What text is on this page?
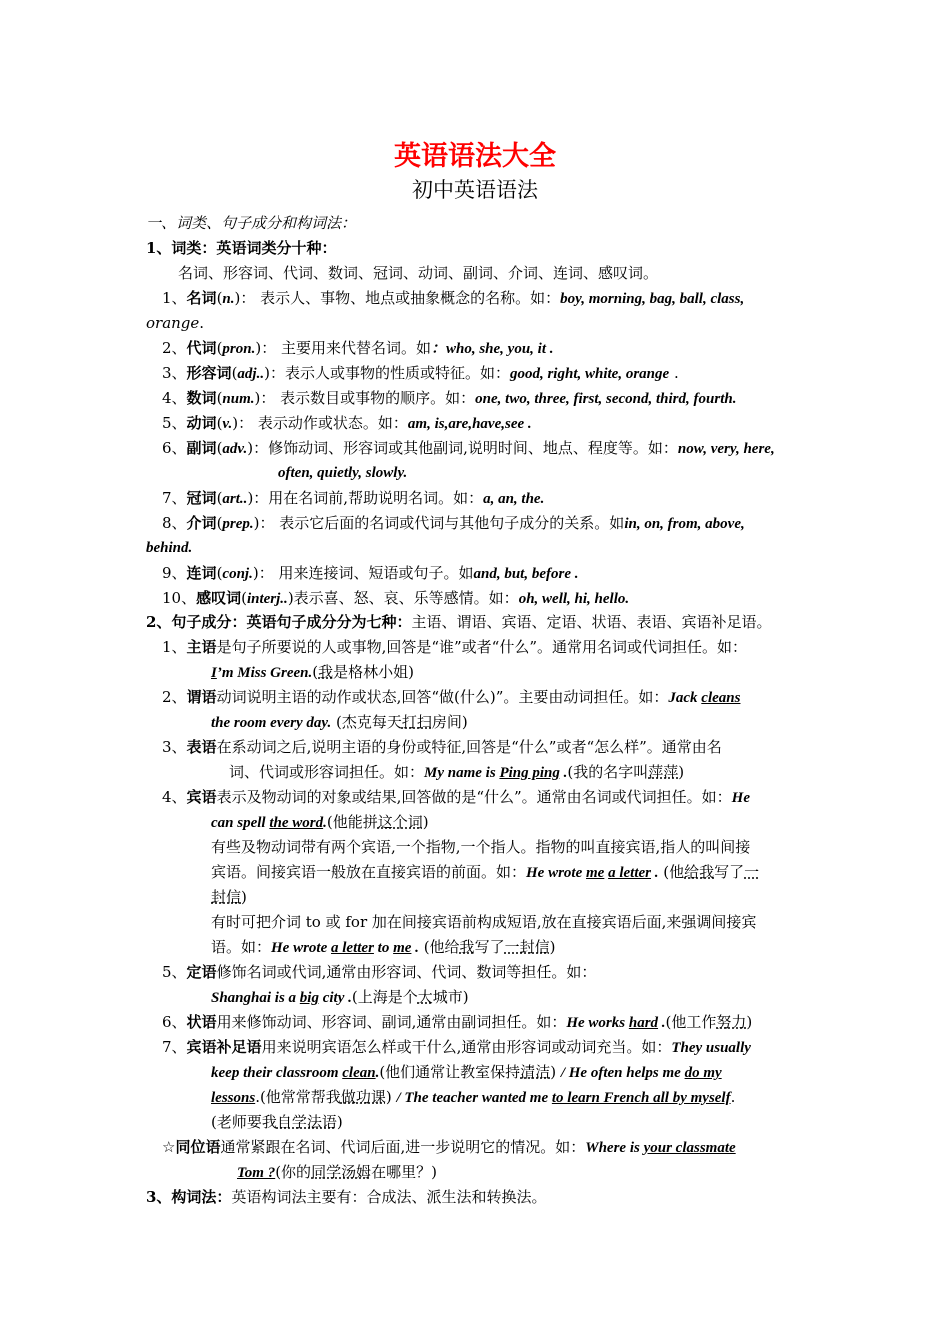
英语语法大全
初中英语语法
一、词类、句子成分和构词法：
1、词类：英语词类分十种：
名词、形容词、代词、数词、冠词、动词、副词、介词、连词、感叹词。
1、名词(n.)： 表示人、事物、地点或抽象概念的名称。如：boy, morning, bag, ball, class,
orange.
2、代词(pron.)： 主要用来代替名词。如：who, she, you, it .
3、形容词(adj..)：表示人或事物的性质或特征。如：good, right, white, orange .
4、数词(num.)： 表示数目或事物的顺序。如：one, two, three, first, second, third, fourth.
5、动词(v.)： 表示动作或状态。如：am, is,are,have,see .
6、副词(adv.)：修饰动词、形容词或其他副词,说明时间、地点、程度等。如：now, very, here,
often, quietly, slowly.
7、冠词(art..)：用在名词前,帮助说明名词。如：a, an, the.
8、介词(prep.)： 表示它后面的名词或代词与其他句子成分的关系。如in, on, from, above,
behind.
9、连词(conj.)： 用来连接词、短语或句子。如and, but, before .
10、感叹词(interj..)表示喜、怒、哀、乐等感情。如：oh, well, hi, hello.
2、句子成分：英语句子成分分为七种：主语、谓语、宾语、定语、状语、表语、宾语补足语。
1、主语是句子所要说的人或事物,回答是“谁”或者“什么”。通常用名词或代词担任。如：
I’m Miss Green.(我是格林小姐)
2、谓语动词说明主语的动作或状态,回答“做(什么)”。主要由动词担任。如：Jack cleans
the room every day. (杰克每天打扫房间)
3、表语在系动词之后,说明主语的身份或特征,回答是“什么”或者“怎么样”。通常由名
词、代词或形容词担任。如：My name is Ping ping .(我的名字叫萍萍)
4、宾语表示及物动词的对象或结果,回答做的是“什么”。通常由名词或代词担任。如：He
can spell the word.(他能拼这个词)
有些及物动词带有两个宾语,一个指物,一个指人。指物的叫直接宾语,指人的叫间接
宾语。间接宾语一般放在直接宾语的前面。如：He wrote me a letter . (他给我写了一
封信)
有时可把介词 to 或 for 加在间接宾语前构成短语,放在直接宾语后面,来强调间接宾
语。如：He wrote a letter to me . (他给我写了一封信)
5、定语修饰名词或代词,通常由形容词、代词、数词等担任。如：
Shanghai is a big city .(上海是个大城市)
6、状语用来修饰动词、形容词、副词,通常由副词担任。如：He works hard .(他工作努力)
7、宾语补足语用来说明宾语怎么样或干什么,通常由形容词或动词充当。如：They usually
keep their classroom clean.(他们通常让教室保持清洁) / He often helps me do my
lessons.(他常常帮我做功课) / The teacher wanted me to learn French all by myself.
(老师要我自学法语)
☆同位语通常紧跟在名词、代词后面,进一步说明它的情况。如：Where is your classmate
Tom ?(你的同学汤姆在哪里？)
3、构词法：英语构词法主要有：合成法、派生法和转换法。
